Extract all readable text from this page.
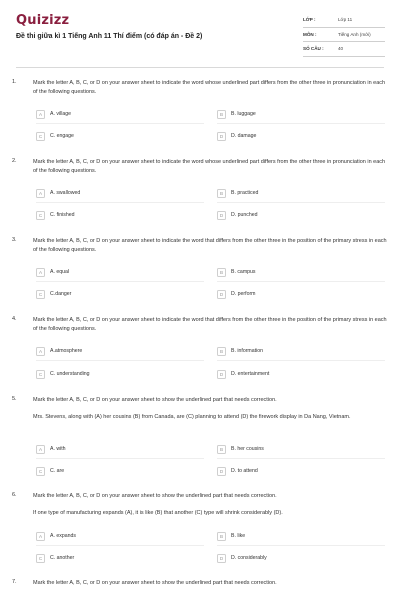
Quizizz
Đề thi giữa kì 1 Tiếng Anh 11 Thí điểm (có đáp án - Đề 2)
LỚP :	Lớp 11
MÔN :	Tiếng Anh (mới)
SỐ CÂU :	40
1.	Mark the letter A, B, C, or D on your answer sheet to indicate the word whose underlined part differs from the other three in pronunciation in each of the following questions.
A	A. village	B	B. luggage
C	C. engage	D	D. damage
2.	Mark the letter A, B, C, or D on your answer sheet to indicate the word whose underlined part differs from the other three in pronunciation in each of the following questions.
A	A. swallowed	B	B. practiced
C	C. finished	D	D. punched
3.	Mark the letter A, B, C, or D on your answer sheet to indicate the word that differs from the other three in the position of the primary stress in each of the following questions.
A	A. equal	B	B. campus
C	C.danger	D	D. perform
4.	Mark the letter A, B, C, or D on your answer sheet to indicate the word that differs from the other three in the position of the primary stress in each of the following questions.
A	A.atmosphere	B	B. information
C	C. understanding	D	D. entertainment
5.	Mark the letter A, B, C, or D on your answer sheet to show the underlined part that needs correction.
Mrs. Stevens, along with (A) her cousins (B) from Canada, are (C) planning to attend (D) the firework display in Da Nang, Vietnam.
A	A. with	B	B. her cousins
C	C. are	D	D. to attend
6.	Mark the letter A, B, C, or D on your answer sheet to show the underlined part that needs correction.
If one type of manufacturing expands (A), it is like (B) that another (C) type will shrink considerably (D).
A	A. expands	B	B. like
C	C. another	D	D. considerably
7.	Mark the letter A, B, C, or D on your answer sheet to show the underlined part that needs correction.
